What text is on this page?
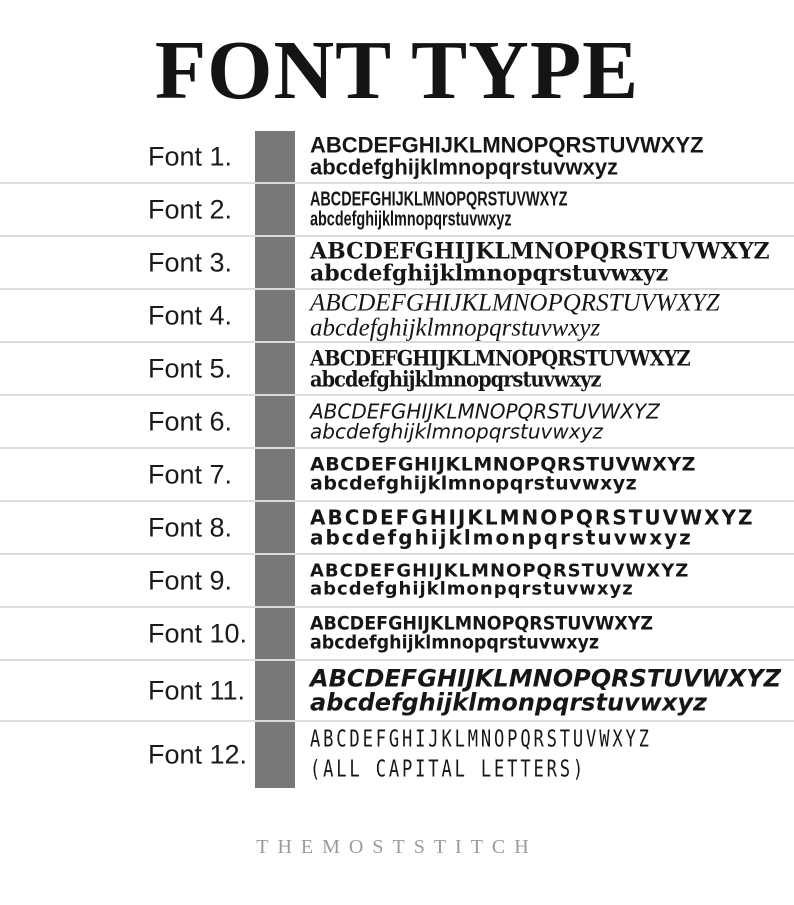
FONT TYPE
Font 1.	ABCDEFGHIJKLMNOPQRSTUVWXYZ
abcdefghijklmnopqrstuvwxyz
Font 2.	ABCDEFGHIJKLMNOPQRSTUVWXYZ
abcdefghijklmnopqrstuvwxyz
Font 3.	ABCDEFGHIJKLMNOPQRSTUVWXYZ
abcdefghijklmnopqrstuvwxyz
Font 4.	ABCDEFGHIJKLMNOPQRSTUVWXYZ
abcdefghijklmnopqrstuvwxyz
Font 5.	ABCDEFGHIJKLMNOPQRSTUVWXYZ
abcdefghijklmnopqrstuvwxyz
Font 6.	ABCDEFGHIJKLMNOPQRSTUVWXYZ
abcdefghijklmnopqrstuvwxyz
Font 7.	ABCDEFGHIJKLMNOPQRSTUVWXYZ
abcdefghijklmnopqrstuvwxyz
Font 8.	ABCDEFGHIJKLMNOPQRSTUVWXYZ
abcdefghijklmonpqrstuvwxyz
Font 9.	ABCDEFGHIJKLMNOPQRSTUVWXYZ
abcdefghijklmonpqrstuvwxyz
Font 10.	ABCDEFGHIJKLMNOPQRSTUVWXYZ
abcdefghijklmnopqrstuvwxyz
Font 11.	ABCDEFGHIJKLMNOPQRSTUVWXYZ
abcdefghijklmonpqrstuvwxyz
Font 12.
ABCDEFGHIJKLMNOPQRSTUVWXYZ
(ALL CAPITAL LETTERS)
THEMOSTSTITCH
